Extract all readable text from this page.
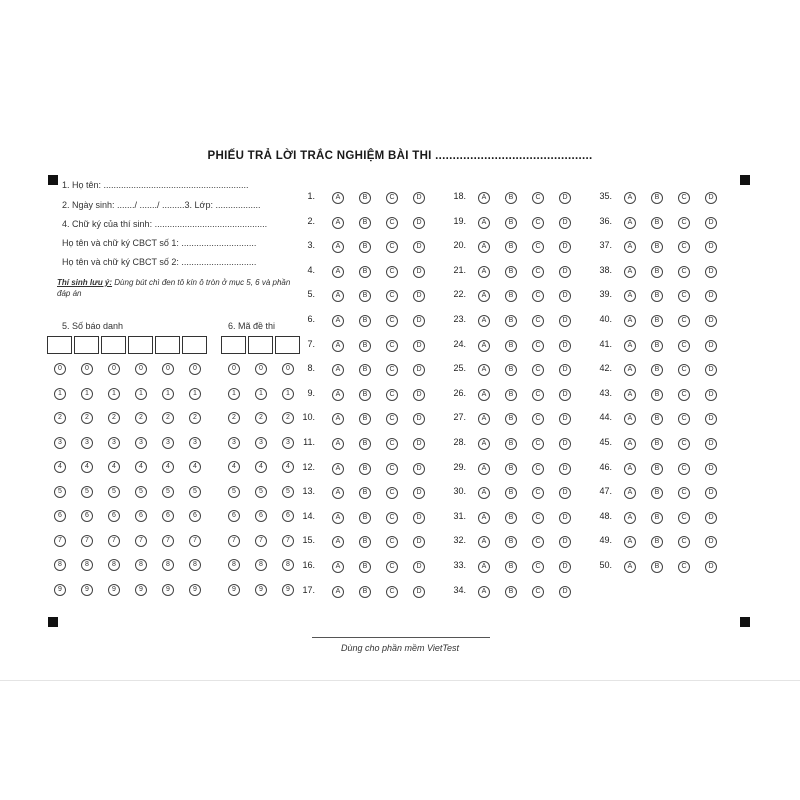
PHIẾU TRẢ LỜI TRẮC NGHIỆM BÀI THI .............................................
1. Họ tên: ..........................................................
2. Ngày sinh: ......./ ......./ .........3. Lớp: ..................
4. Chữ ký của thí sinh: .............................................
Họ tên và chữ ký CBCT số 1: ..............................
Họ tên và chữ ký CBCT số 2: ..............................
Thí sinh lưu ý: Dùng bút chì đen tô kín ô tròn ở mục 5, 6 và phần đáp án
5. Số báo danh	6. Mã đề thi
0	0	0	0	0	0	0	0	0
1	1	1	1	1	1	1	1	1
2	2	2	2	2	2	2	2	2
3	3	3	3	3	3	3	3	3
4	4	4	4	4	4	4	4	4
5	5	5	5	5	5	5	5	5
6	6	6	6	6	6	6	6	6
7	7	7	7	7	7	7	7	7
8	8	8	8	8	8	8	8	8
9	9	9	9	9	9	9	9	9
1.	A	B	C	D
2.	A	B	C	D
3.	A	B	C	D
4.	A	B	C	D
5.	A	B	C	D
6.	A	B	C	D
7.	A	B	C	D
8.	A	B	C	D
9.	A	B	C	D
10.	A	B	C	D
11.	A	B	C	D
12.	A	B	C	D
13.	A	B	C	D
14.	A	B	C	D
15.	A	B	C	D
16.	A	B	C	D
17.	A	B	C	D
18.	A	B	C	D
19.	A	B	C	D
20.	A	B	C	D
21.	A	B	C	D
22.	A	B	C	D
23.	A	B	C	D
24.	A	B	C	D
25.	A	B	C	D
26.	A	B	C	D
27.	A	B	C	D
28.	A	B	C	D
29.	A	B	C	D
30.	A	B	C	D
31.	A	B	C	D
32.	A	B	C	D
33.	A	B	C	D
34.	A	B	C	D
35.	A	B	C	D
36.	A	B	C	D
37.	A	B	C	D
38.	A	B	C	D
39.	A	B	C	D
40.	A	B	C	D
41.	A	B	C	D
42.	A	B	C	D
43.	A	B	C	D
44.	A	B	C	D
45.	A	B	C	D
46.	A	B	C	D
47.	A	B	C	D
48.	A	B	C	D
49.	A	B	C	D
50.	A	B	C	D
Dùng cho phần mềm VietTest
